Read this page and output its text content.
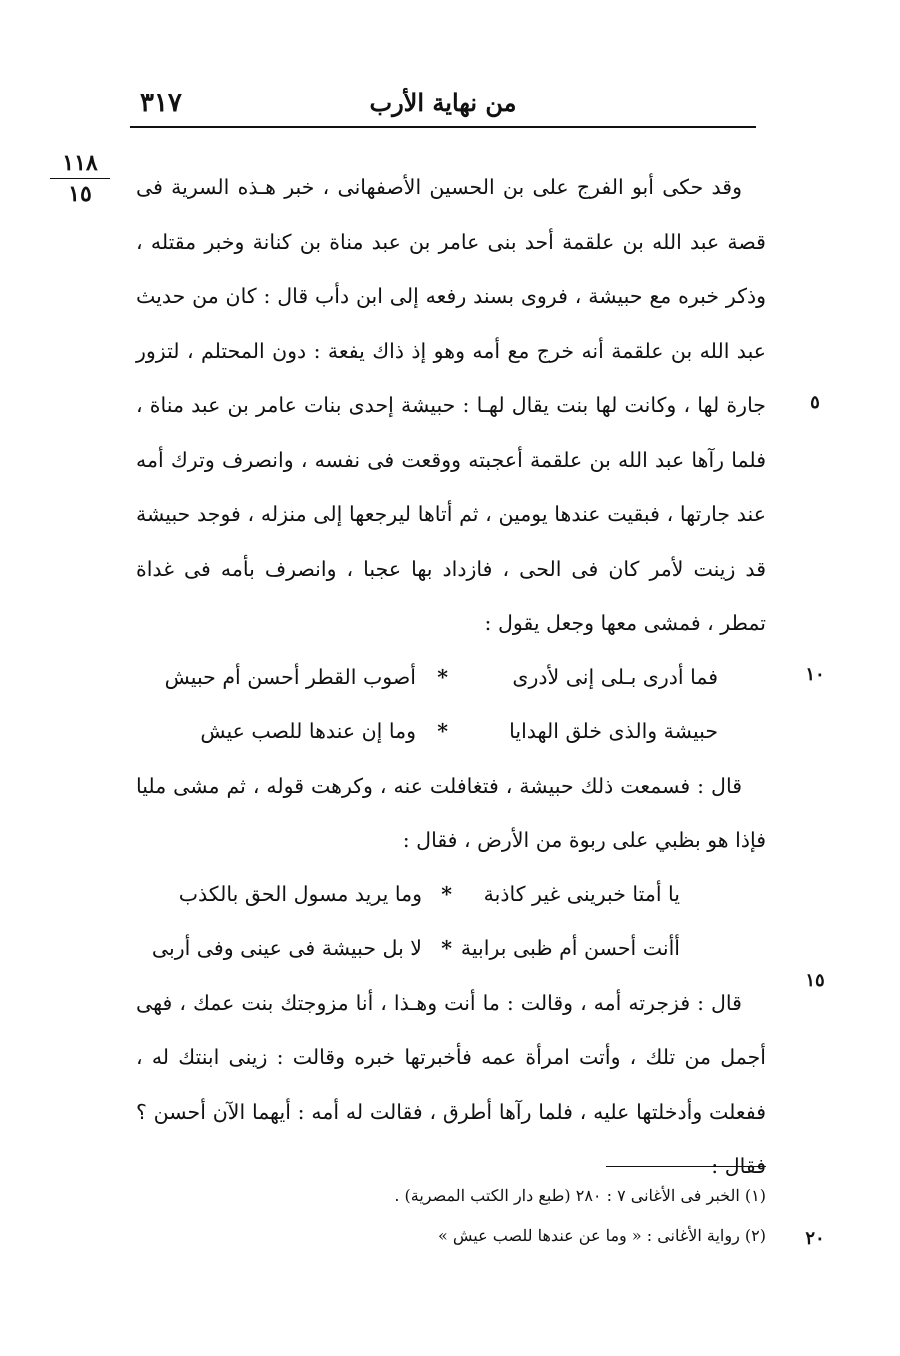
٣١٧	من نهاية الأرب
١١٨
١٥
٥
١٠
١٥
٢٠
وقد حكى أبو الفرج على بن الحسين الأصفهانى ، خبر هـذه السرية فى قصة عبد الله بن علقمة أحد بنى عامر بن عبد مناة بن كنانة وخبر مقتله ، وذكر خبره مع حبيشة ، فروى بسند رفعه إلى ابن دأب قال : كان من حديث عبد الله بن علقمة أنه خرج مع أمه وهو إذ ذاك يفعة : دون المحتلم ، لتزور جارة لها ، وكانت لها بنت يقال لهـا : حبيشة إحدى بنات عامر بن عبد مناة ، فلما رآها عبد الله بن علقمة أعجبته ووقعت فى نفسه ، وانصرف وترك أمه عند جارتها ، فبقيت عندها يومين ، ثم أتاها ليرجعها إلى منزله ، فوجد حبيشة قد زينت لأمر كان فى الحى ، فازداد بها عجبا ، وانصرف بأمه فى غداة تمطر ، فمشى معها وجعل يقول :
فما أدرى بـلى إنى لأدرى
*
أصوب القطر أحسن أم حبيش
حبيشة والذى خلق الهدايا
*
وما إن عندها للصب عيش
قال : فسمعت ذلك حبيشة ، فتغافلت عنه ، وكرهت قوله ، ثم مشى مليا فإذا هو بظبي على ربوة من الأرض ، فقال :
يا أمتا خبرينى غير كاذبة
*
وما يريد مسول الحق بالكذب
أأنت أحسن أم ظبى برابية
*
لا بل حبيشة فى عينى وفى أربى
قال : فزجرته أمه ، وقالت : ما أنت وهـذا ، أنا مزوجتك بنت عمك ، فهى أجمل من تلك ، وأتت امرأة عمه فأخبرتها خبره وقالت : زينى ابنتك له ، ففعلت وأدخلتها عليه ، فلما رآها أطرق ، فقالت له أمه : أيهما الآن أحسن ؟ فقال :
(١) الخبر فى الأغانى ٧ : ٢٨٠ (طبع دار الكتب المصرية) .
(٢) رواية الأغانى : « وما عن عندها للصب عيش »
